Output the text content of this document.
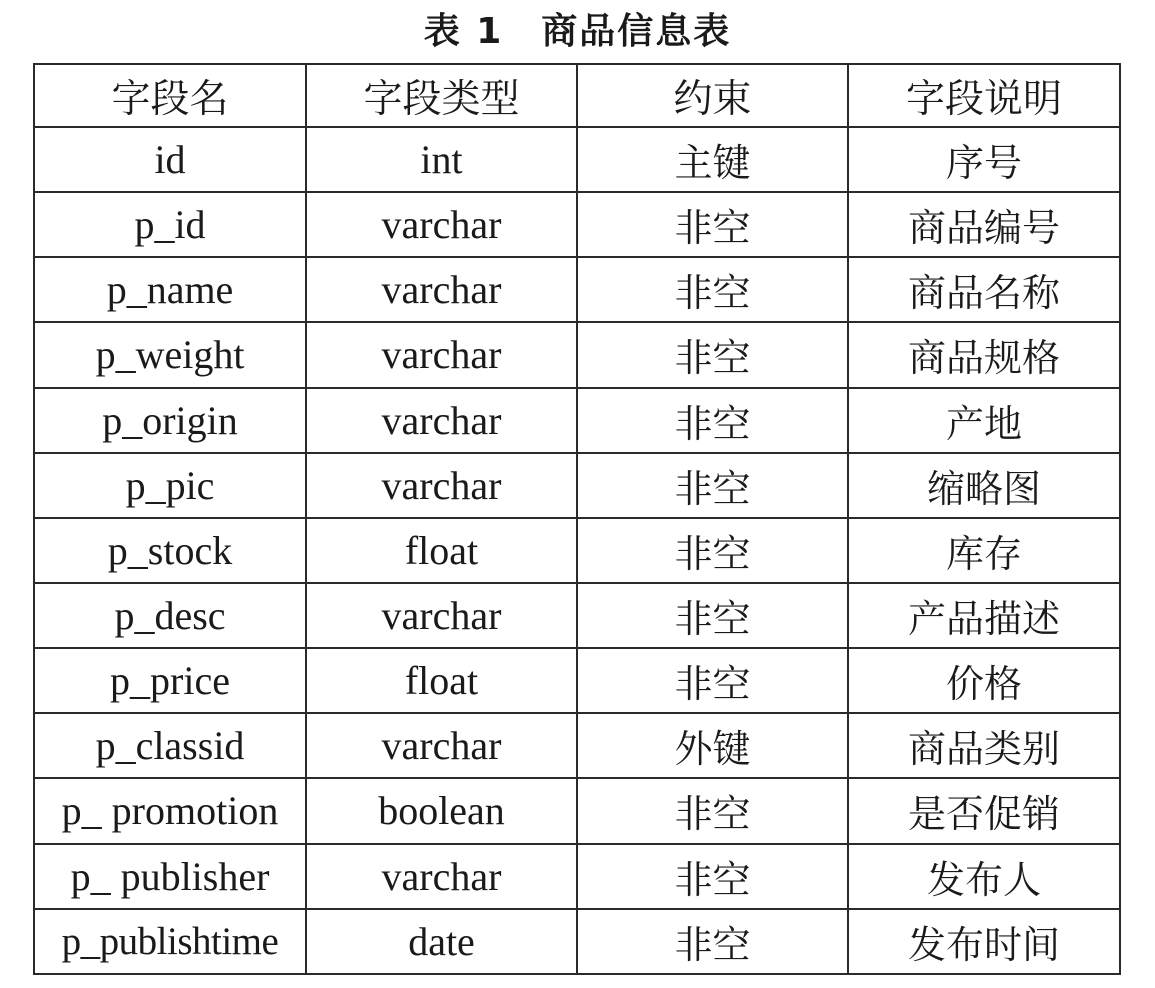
表 1 商品信息表
字段名	字段类型	约束	字段说明
id	int	主键	序号
p_id	varchar	非空	商品编号
p_name	varchar	非空	商品名称
p_weight	varchar	非空	商品规格
p_origin	varchar	非空	产地
p_pic	varchar	非空	缩略图
p_stock	float	非空	库存
p_desc	varchar	非空	产品描述
p_price	float	非空	价格
p_classid	varchar	外键	商品类别
p_ promotion	boolean	非空	是否促销
p_ publisher	varchar	非空	发布人
p_publishtime	date	非空	发布时间
